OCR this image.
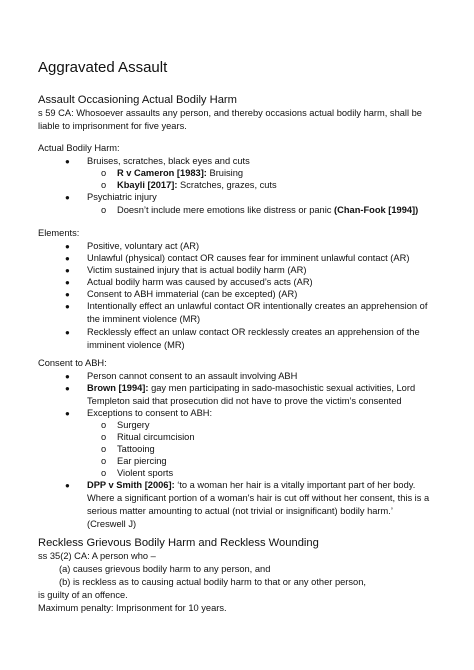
Aggravated Assault
Assault Occasioning Actual Bodily Harm
s 59 CA: Whosoever assaults any person, and thereby occasions actual bodily harm, shall be
liable to imprisonment for five years.
Actual Bodily Harm:
● Bruises, scratches, black eyes and cuts
o R v Cameron [1983]: Bruising
o Kbayli [2017]: Scratches, grazes, cuts
● Psychiatric injury
o Doesn’t include mere emotions like distress or panic (Chan-Fook [1994])
Elements:
● Positive, voluntary act (AR)
● Unlawful (physical) contact OR causes fear for imminent unlawful contact (AR)
● Victim sustained injury that is actual bodily harm (AR)
● Actual bodily harm was caused by accused’s acts (AR)
● Consent to ABH immaterial (can be excepted) (AR)
● Intentionally effect an unlawful contact OR intentionally creates an apprehension of
the imminent violence (MR)
● Recklessly effect an unlaw contact OR recklessly creates an apprehension of the
imminent violence (MR)
Consent to ABH:
● Person cannot consent to an assault involving ABH
● Brown [1994]: gay men participating in sado-masochistic sexual activities, Lord
Templeton said that prosecution did not have to prove the victim’s consented
● Exceptions to consent to ABH:
o Surgery
o Ritual circumcision
o Tattooing
o Ear piercing
o Violent sports
● DPP v Smith [2006]: ‘to a woman her hair is a vitally important part of her body.
Where a significant portion of a woman's hair is cut off without her consent, this is a
serious matter amounting to actual (not trivial or insignificant) bodily harm.’
(Creswell J)
Reckless Grievous Bodily Harm and Reckless Wounding
ss 35(2) CA: A person who –
(a) causes grievous bodily harm to any person, and
(b) is reckless as to causing actual bodily harm to that or any other person,
is guilty of an offence.
Maximum penalty: Imprisonment for 10 years.
